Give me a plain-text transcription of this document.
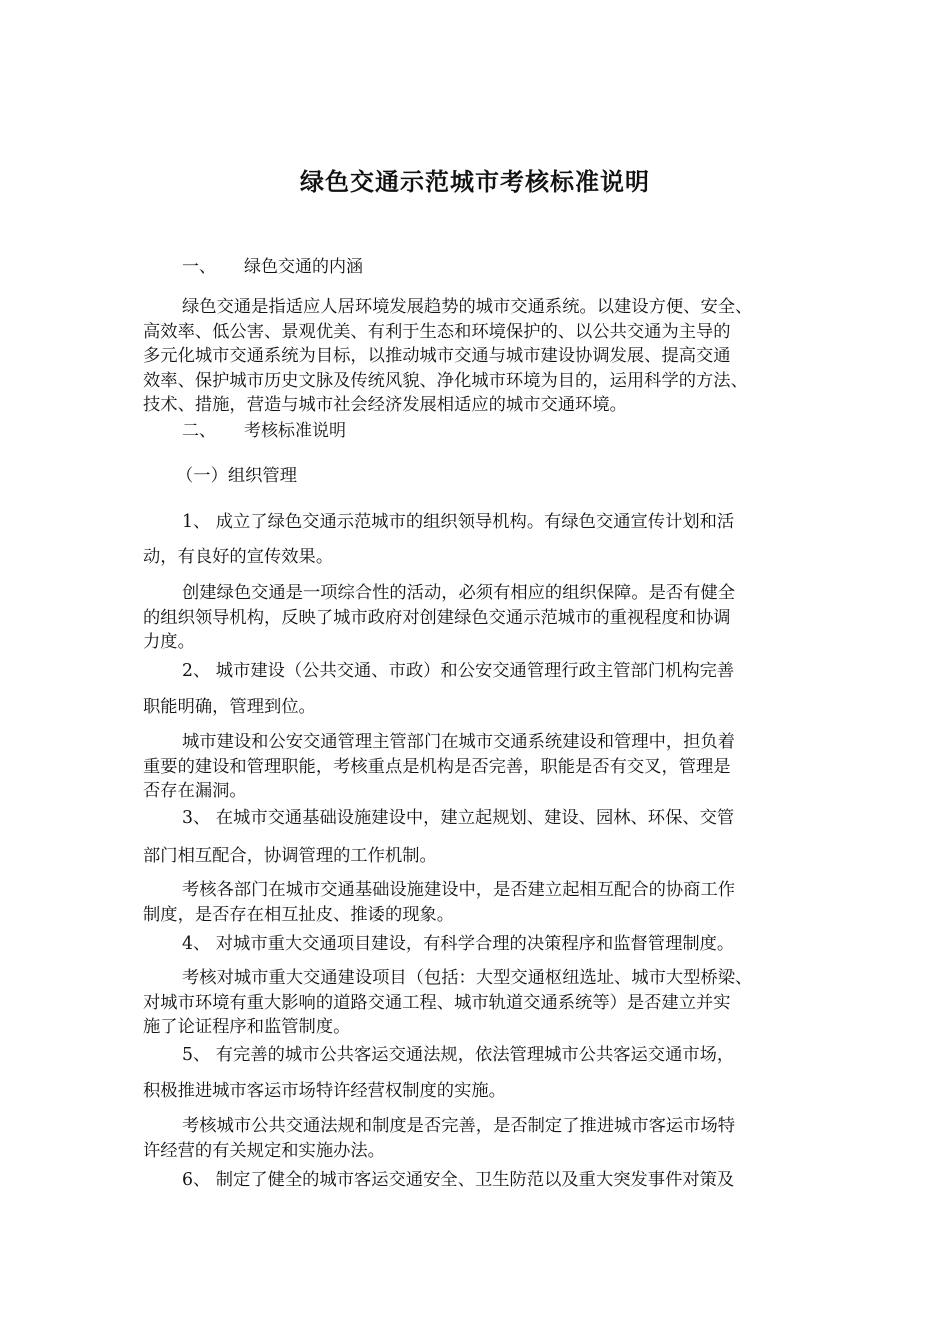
绿色交通示范城市考核标准说明

一、 绿色交通的内涵

绿色交通是指适应人居环境发展趋势的城市交通系统。以建设方便、安全、
高效率、低公害、景观优美、有利于生态和环境保护的、以公共交通为主导的
多元化城市交通系统为目标，以推动城市交通与城市建设协调发展、提高交通
效率、保护城市历史文脉及传统风貌、净化城市环境为目的，运用科学的方法、
技术、措施，营造与城市社会经济发展相适应的城市交通环境。

二、 考核标准说明

（一）组织管理

1、 成立了绿色交通示范城市的组织领导机构。有绿色交通宣传计划和活

动，有良好的宣传效果。

创建绿色交通是一项综合性的活动，必须有相应的组织保障。是否有健全
的组织领导机构，反映了城市政府对创建绿色交通示范城市的重视程度和协调
力度。

2、 城市建设（公共交通、市政）和公安交通管理行政主管部门机构完善

职能明确，管理到位。

城市建设和公安交通管理主管部门在城市交通系统建设和管理中，担负着
重要的建设和管理职能，考核重点是机构是否完善，职能是否有交叉，管理是
否存在漏洞。

3、 在城市交通基础设施建设中，建立起规划、建设、园林、环保、交管

部门相互配合，协调管理的工作机制。

考核各部门在城市交通基础设施建设中，是否建立起相互配合的协商工作
制度，是否存在相互扯皮、推诿的现象。

4、 对城市重大交通项目建设，有科学合理的决策程序和监督管理制度。

考核对城市重大交通建设项目（包括：大型交通枢纽选址、城市大型桥梁、
对城市环境有重大影响的道路交通工程、城市轨道交通系统等）是否建立并实
施了论证程序和监管制度。

5、 有完善的城市公共客运交通法规，依法管理城市公共客运交通市场，

积极推进城市客运市场特许经营权制度的实施。

考核城市公共交通法规和制度是否完善，是否制定了推进城市客运市场特
许经营的有关规定和实施办法。

6、 制定了健全的城市客运交通安全、卫生防范以及重大突发事件对策及
